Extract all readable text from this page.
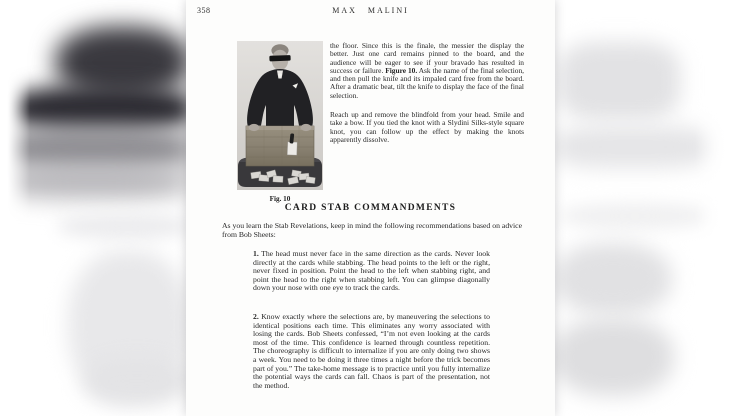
358	MAX MALINI
Fig. 10

the floor. Since this is the finale, the messier the display the better. Just one card remains pinned to the board, and the audience will be eager to see if your bravado has resulted in success or failure. Figure 10. Ask the name of the final selection, and then pull the knife and its impaled card free from the board. After a dramatic beat, tilt the knife to display the face of the final selection.

Reach up and remove the blindfold from your head. Smile and take a bow. If you tied the knot with a Slydini Silks-style square knot, you can follow up the effect by making the knots apparently dissolve.

CARD STAB COMMANDMENTS

As you learn the Stab Revelations, keep in mind the following recommendations based on advice from Bob Sheets:

1. The head must never face in the same direction as the cards. Never look directly at the cards while stabbing. The head points to the left or the right, never fixed in position. Point the head to the left when stabbing right, and point the head to the right when stabbing left. You can glimpse diagonally down your nose with one eye to track the cards.

2. Know exactly where the selections are, by maneuvering the selections to identical positions each time. This eliminates any worry associated with losing the cards. Bob Sheets confessed, “I’m not even looking at the cards most of the time. This confidence is learned through countless repetition. The choreography is difficult to internalize if you are only doing two shows a week. You need to be doing it three times a night before the trick becomes part of you.” The take-home message is to practice until you fully internalize the potential ways the cards can fall. Chaos is part of the presentation, not the method.
